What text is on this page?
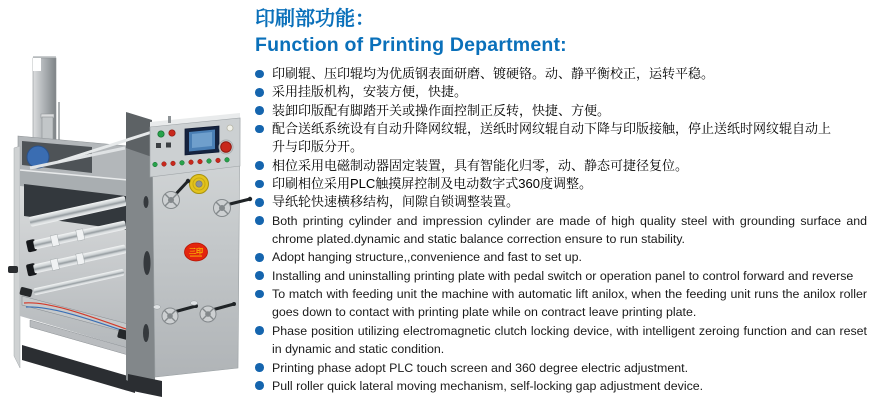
三印
印刷部功能：
Function of Printing Department:
印刷辊、压印辊均为优质钢表面研磨、镀硬铬。动、静平衡校正，运转平稳。
采用挂版机构，安装方便，快捷。
装卸印版配有脚踏开关或操作面控制正反转，快捷、方便。
配合送纸系统设有自动升降网纹辊，送纸时网纹辊自动下降与印版接触，停止送纸时网纹辊自动上升与印版分开。
相位采用电磁制动器固定装置，具有智能化归零，动、静态可捷径复位。
印刷相位采用PLC触摸屏控制及电动数字式360度调整。
导纸轮快速横移结构，间隙自锁调整装置。
Both printing cylinder and impression cylinder are made of high quality steel with grounding surface and chrome plated.dynamic and static balance correction ensure to run stability.
Adopt hanging structure,,convenience and fast to set up.
Installing and uninstalling printing plate with pedal switch or operation panel to control forward and reverse
To match with feeding unit the machine with automatic lift anilox, when the feeding unit runs the anilox roller goes down to contact with printing plate while on contract leave printing plate.
Phase position utilizing electromagnetic clutch locking device, with intelligent zeroing function and can reset in dynamic and static condition.
Printing phase adopt PLC touch screen and 360 degree electric adjustment.
Pull roller quick lateral moving mechanism, self-locking gap adjustment device.
